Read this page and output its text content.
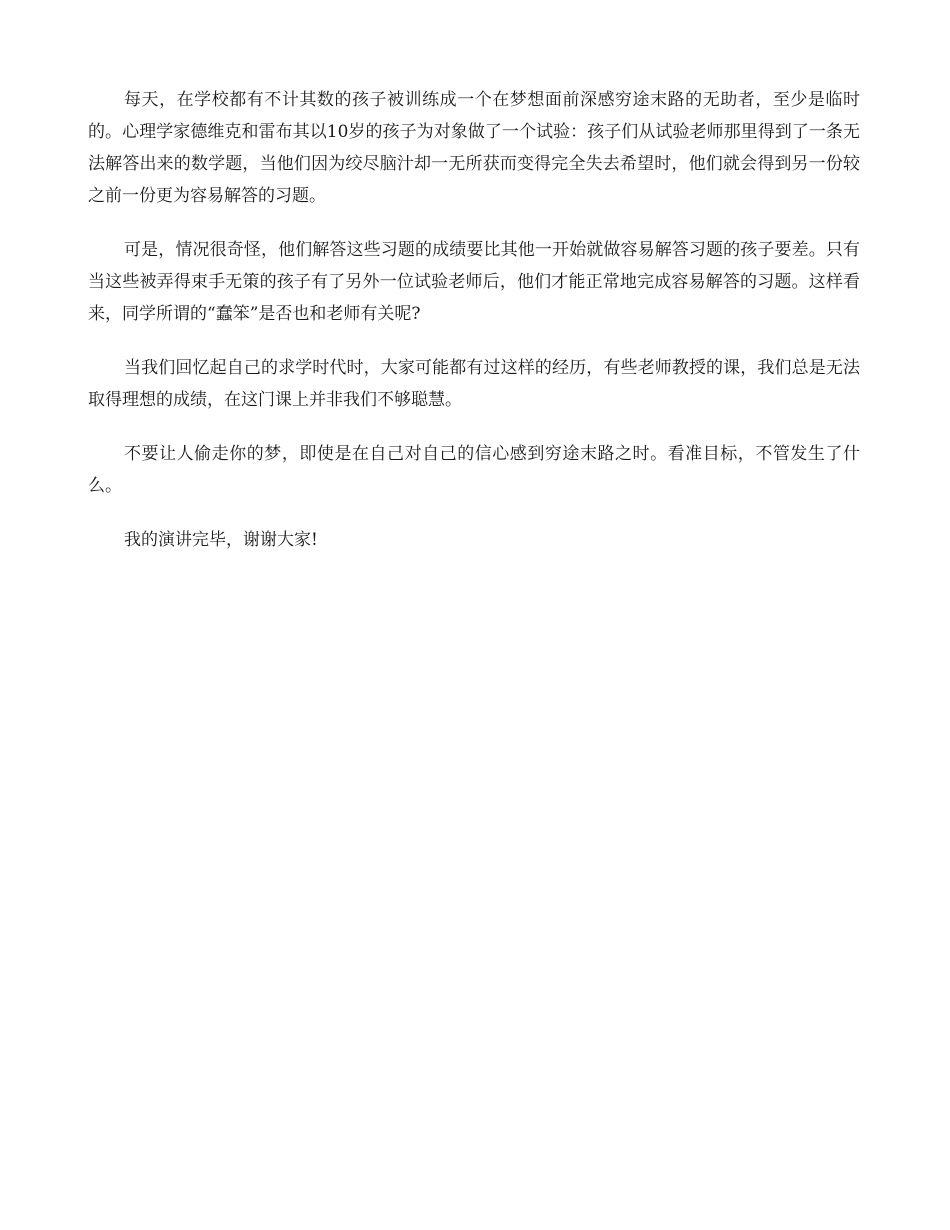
每天，在学校都有不计其数的孩子被训练成一个在梦想面前深感穷途末路的无助者，至少是临时的。心理学家德维克和雷布其以10岁的孩子为对象做了一个试验：孩子们从试验老师那里得到了一条无法解答出来的数学题，当他们因为绞尽脑汁却一无所获而变得完全失去希望时，他们就会得到另一份较之前一份更为容易解答的习题。

可是，情况很奇怪，他们解答这些习题的成绩要比其他一开始就做容易解答习题的孩子要差。只有当这些被弄得束手无策的孩子有了另外一位试验老师后，他们才能正常地完成容易解答的习题。这样看来，同学所谓的“蠢笨”是否也和老师有关呢?

当我们回忆起自己的求学时代时，大家可能都有过这样的经历，有些老师教授的课，我们总是无法取得理想的成绩，在这门课上并非我们不够聪慧。

不要让人偷走你的梦，即使是在自己对自己的信心感到穷途末路之时。看准目标，不管发生了什么。

我的演讲完毕，谢谢大家!
